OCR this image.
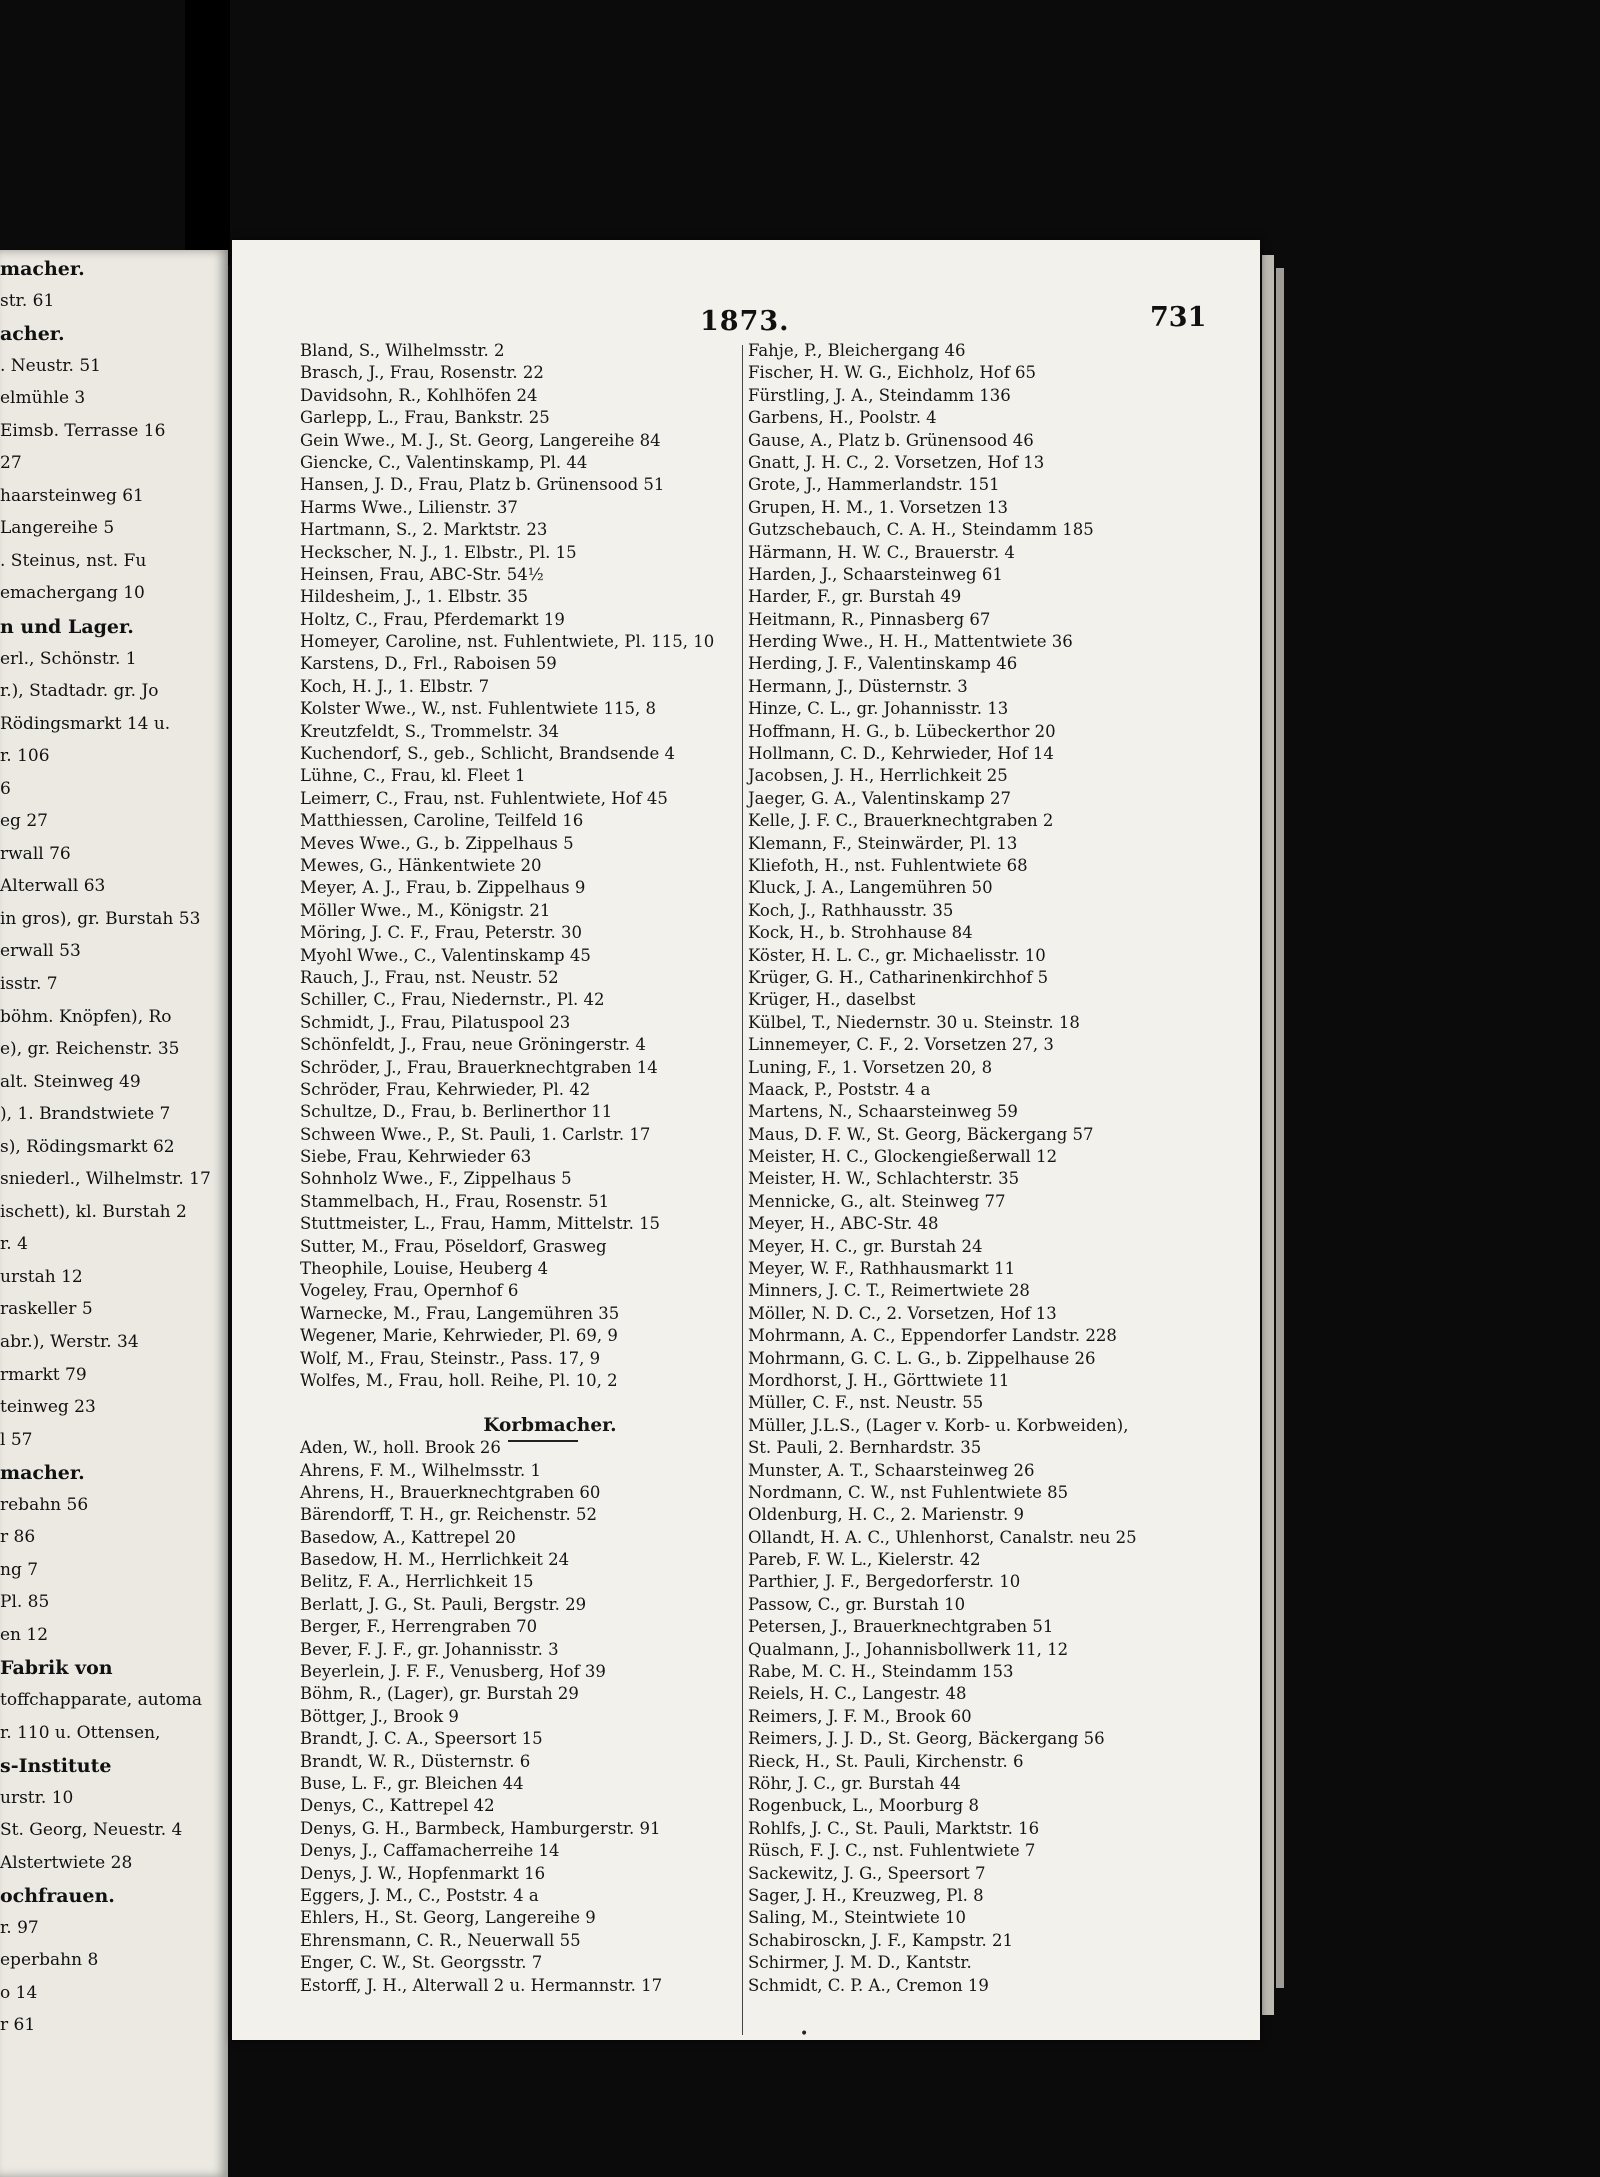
macher.
str. 61
acher.
. Neustr. 51
elmühle 3
Eimsb. Terrasse 16
27
haarsteinweg 61
Langereihe 5
. Steinus, nst. Fu
emachergang 10
n und Lager.
erl., Schönstr. 1
r.), Stadtadr. gr. Jo
Rödingsmarkt 14 u.
r. 106
6
eg 27
rwall 76
Alterwall 63
in gros), gr. Burstah 53
erwall 53
isstr. 7
böhm. Knöpfen), Ro
e), gr. Reichenstr. 35
alt. Steinweg 49
), 1. Brandstwiete 7
s), Rödingsmarkt 62
sniederl., Wilhelmstr. 17
ischett), kl. Burstah 2
r. 4
urstah 12
raskeller 5
abr.), Werstr. 34
rmarkt 79
teinweg 23
l 57
macher.
rebahn 56
r 86
ng 7
Pl. 85
en 12
Fabrik von
toffchapparate, automa
r. 110 u. Ottensen,
s-Institute
urstr. 10
St. Georg, Neuestr. 4
Alstertwiete 28
ochfrauen.
r. 97
eperbahn 8
o 14
r 61
1873.	731
Bland, S., Wilhelmsstr. 2
Brasch, J., Frau, Rosenstr. 22
Davidsohn, R., Kohlhöfen 24
Garlepp, L., Frau, Bankstr. 25
Gein Wwe., M. J., St. Georg, Langereihe 84
Giencke, C., Valentinskamp, Pl. 44
Hansen, J. D., Frau, Platz b. Grünensood 51
Harms Wwe., Lilienstr. 37
Hartmann, S., 2. Marktstr. 23
Heckscher, N. J., 1. Elbstr., Pl. 15
Heinsen, Frau, ABC-Str. 54½
Hildesheim, J., 1. Elbstr. 35
Holtz, C., Frau, Pferdemarkt 19
Homeyer, Caroline, nst. Fuhlentwiete, Pl. 115, 10
Karstens, D., Frl., Raboisen 59
Koch, H. J., 1. Elbstr. 7
Kolster Wwe., W., nst. Fuhlentwiete 115, 8
Kreutzfeldt, S., Trommelstr. 34
Kuchendorf, S., geb., Schlicht, Brandsende 4
Lühne, C., Frau, kl. Fleet 1
Leimerr, C., Frau, nst. Fuhlentwiete, Hof 45
Matthiessen, Caroline, Teilfeld 16
Meves Wwe., G., b. Zippelhaus 5
Mewes, G., Hänkentwiete 20
Meyer, A. J., Frau, b. Zippelhaus 9
Möller Wwe., M., Königstr. 21
Möring, J. C. F., Frau, Peterstr. 30
Myohl Wwe., C., Valentinskamp 45
Rauch, J., Frau, nst. Neustr. 52
Schiller, C., Frau, Niedernstr., Pl. 42
Schmidt, J., Frau, Pilatuspool 23
Schönfeldt, J., Frau, neue Gröningerstr. 4
Schröder, J., Frau, Brauerknechtgraben 14
Schröder, Frau, Kehrwieder, Pl. 42
Schultze, D., Frau, b. Berlinerthor 11
Schween Wwe., P., St. Pauli, 1. Carlstr. 17
Siebe, Frau, Kehrwieder 63
Sohnholz Wwe., F., Zippelhaus 5
Stammelbach, H., Frau, Rosenstr. 51
Stuttmeister, L., Frau, Hamm, Mittelstr. 15
Sutter, M., Frau, Pöseldorf, Grasweg
Theophile, Louise, Heuberg 4
Vogeley, Frau, Opernhof 6
Warnecke, M., Frau, Langemühren 35
Wegener, Marie, Kehrwieder, Pl. 69, 9
Wolf, M., Frau, Steinstr., Pass. 17, 9
Wolfes, M., Frau, holl. Reihe, Pl. 10, 2
Korbmacher.
Aden, W., holl. Brook 26
Ahrens, F. M., Wilhelmsstr. 1
Ahrens, H., Brauerknechtgraben 60
Bärendorff, T. H., gr. Reichenstr. 52
Basedow, A., Kattrepel 20
Basedow, H. M., Herrlichkeit 24
Belitz, F. A., Herrlichkeit 15
Berlatt, J. G., St. Pauli, Bergstr. 29
Berger, F., Herrengraben 70
Bever, F. J. F., gr. Johannisstr. 3
Beyerlein, J. F. F., Venusberg, Hof 39
Böhm, R., (Lager), gr. Burstah 29
Böttger, J., Brook 9
Brandt, J. C. A., Speersort 15
Brandt, W. R., Düsternstr. 6
Buse, L. F., gr. Bleichen 44
Denys, C., Kattrepel 42
Denys, G. H., Barmbeck, Hamburgerstr. 91
Denys, J., Caffamacherreihe 14
Denys, J. W., Hopfenmarkt 16
Eggers, J. M., C., Poststr. 4 a
Ehlers, H., St. Georg, Langereihe 9
Ehrensmann, C. R., Neuerwall 55
Enger, C. W., St. Georgsstr. 7
Estorff, J. H., Alterwall 2 u. Hermannstr. 17
Fahje, P., Bleichergang 46
Fischer, H. W. G., Eichholz, Hof 65
Fürstling, J. A., Steindamm 136
Garbens, H., Poolstr. 4
Gause, A., Platz b. Grünensood 46
Gnatt, J. H. C., 2. Vorsetzen, Hof 13
Grote, J., Hammerlandstr. 151
Grupen, H. M., 1. Vorsetzen 13
Gutzschebauch, C. A. H., Steindamm 185
Härmann, H. W. C., Brauerstr. 4
Harden, J., Schaarsteinweg 61
Harder, F., gr. Burstah 49
Heitmann, R., Pinnasberg 67
Herding Wwe., H. H., Mattentwiete 36
Herding, J. F., Valentinskamp 46
Hermann, J., Düsternstr. 3
Hinze, C. L., gr. Johannisstr. 13
Hoffmann, H. G., b. Lübeckerthor 20
Hollmann, C. D., Kehrwieder, Hof 14
Jacobsen, J. H., Herrlichkeit 25
Jaeger, G. A., Valentinskamp 27
Kelle, J. F. C., Brauerknechtgraben 2
Klemann, F., Steinwärder, Pl. 13
Kliefoth, H., nst. Fuhlentwiete 68
Kluck, J. A., Langemühren 50
Koch, J., Rathhausstr. 35
Kock, H., b. Strohhause 84
Köster, H. L. C., gr. Michaelisstr. 10
Krüger, G. H., Catharinenkirchhof 5
Krüger, H., daselbst
Külbel, T., Niedernstr. 30 u. Steinstr. 18
Linnemeyer, C. F., 2. Vorsetzen 27, 3
Luning, F., 1. Vorsetzen 20, 8
Maack, P., Poststr. 4 a
Martens, N., Schaarsteinweg 59
Maus, D. F. W., St. Georg, Bäckergang 57
Meister, H. C., Glockengießerwall 12
Meister, H. W., Schlachterstr. 35
Mennicke, G., alt. Steinweg 77
Meyer, H., ABC-Str. 48
Meyer, H. C., gr. Burstah 24
Meyer, W. F., Rathhausmarkt 11
Minners, J. C. T., Reimertwiete 28
Möller, N. D. C., 2. Vorsetzen, Hof 13
Mohrmann, A. C., Eppendorfer Landstr. 228
Mohrmann, G. C. L. G., b. Zippelhause 26
Mordhorst, J. H., Görttwiete 11
Müller, C. F., nst. Neustr. 55
Müller, J.L.S., (Lager v. Korb- u. Korbweiden),
St. Pauli, 2. Bernhardstr. 35
Munster, A. T., Schaarsteinweg 26
Nordmann, C. W., nst Fuhlentwiete 85
Oldenburg, H. C., 2. Marienstr. 9
Ollandt, H. A. C., Uhlenhorst, Canalstr. neu 25
Pareb, F. W. L., Kielerstr. 42
Parthier, J. F., Bergedorferstr. 10
Passow, C., gr. Burstah 10
Petersen, J., Brauerknechtgraben 51
Qualmann, J., Johannisbollwerk 11, 12
Rabe, M. C. H., Steindamm 153
Reiels, H. C., Langestr. 48
Reimers, J. F. M., Brook 60
Reimers, J. J. D., St. Georg, Bäckergang 56
Rieck, H., St. Pauli, Kirchenstr. 6
Röhr, J. C., gr. Burstah 44
Rogenbuck, L., Moorburg 8
Rohlfs, J. C., St. Pauli, Marktstr. 16
Rüsch, F. J. C., nst. Fuhlentwiete 7
Sackewitz, J. G., Speersort 7
Sager, J. H., Kreuzweg, Pl. 8
Saling, M., Steintwiete 10
Schabirosckn, J. F., Kampstr. 21
Schirmer, J. M. D., Kantstr.
Schmidt, C. P. A., Cremon 19
•
